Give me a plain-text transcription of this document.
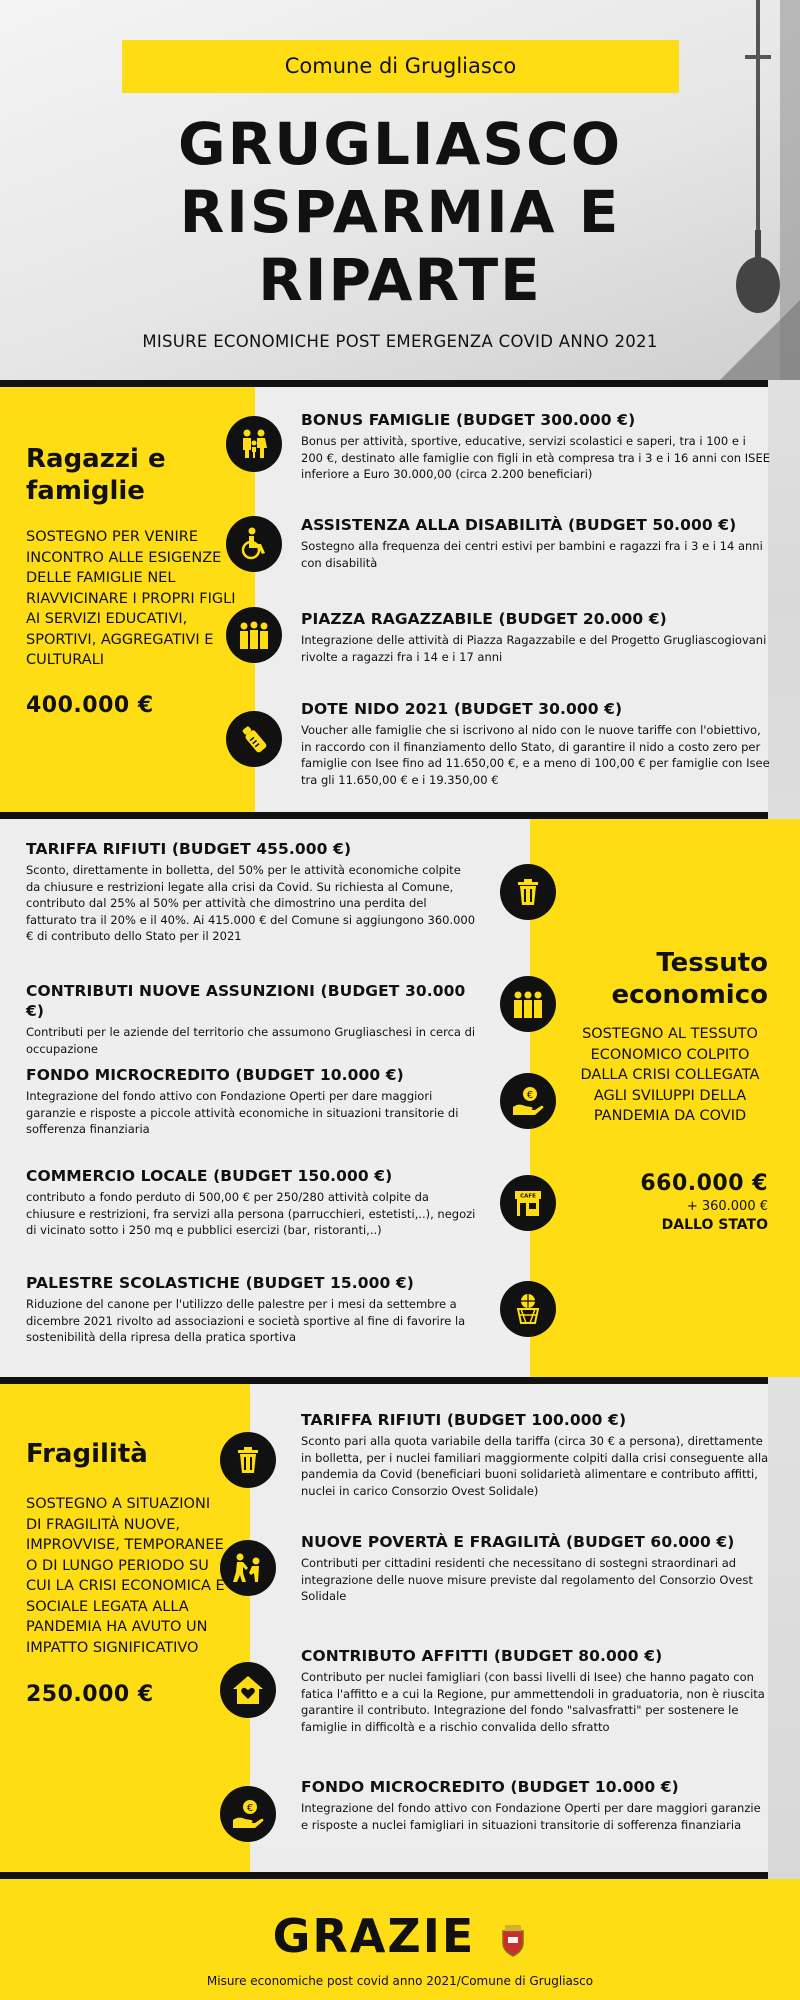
Comune di Grugliasco
GRUGLIASCO
RISPARMIA E
RIPARTE
MISURE ECONOMICHE POST EMERGENZA COVID ANNO 2021
Ragazzi e famiglie
SOSTEGNO PER VENIRE INCONTRO ALLE ESIGENZE DELLE FAMIGLIE NEL RIAVVICINARE I PROPRI FIGLI AI SERVIZI EDUCATIVI, SPORTIVI, AGGREGATIVI E CULTURALI
400.000 €
BONUS FAMIGLIE (BUDGET 300.000 €)
Bonus per attività, sportive, educative, servizi scolastici e saperi, tra i 100 e i 200 €, destinato alle famiglie con figli in età compresa tra i 3 e i 16 anni con ISEE inferiore a Euro 30.000,00 (circa 2.200 beneficiari)
ASSISTENZA ALLA DISABILITÀ (BUDGET 50.000 €)
Sostegno alla frequenza dei centri estivi per bambini e ragazzi fra i 3 e i 14 anni con disabilità
PIAZZA RAGAZZABILE (BUDGET 20.000 €)
Integrazione delle attività di Piazza Ragazzabile e del Progetto Grugliascogiovani rivolte a ragazzi fra i 14 e i 17 anni
DOTE NIDO 2021 (BUDGET 30.000 €)
Voucher alle famiglie che si iscrivono al nido con le nuove tariffe con l'obiettivo, in raccordo con il finanziamento dello Stato, di garantire il nido a costo zero per famiglie con Isee fino ad 11.650,00 €, e a meno di 100,00 € per famiglie con Isee tra gli 11.650,00 € e i 19.350,00 €
Tessuto economico
SOSTEGNO AL TESSUTO ECONOMICO COLPITO DALLA CRISI COLLEGATA AGLI SVILUPPI DELLA PANDEMIA DA COVID
660.000 €
+ 360.000 €
DALLO STATO
TARIFFA RIFIUTI (BUDGET 455.000 €)
Sconto, direttamente in bolletta, del 50% per le attività economiche colpite da chiusure e restrizioni legate alla crisi da Covid. Su richiesta al Comune, contributo dal 25% al 50% per attività che dimostrino una perdita del fatturato tra il 20% e il 40%. Ai 415.000 € del Comune si aggiungono 360.000 € di contributo dello Stato per il 2021
CONTRIBUTI NUOVE ASSUNZIONI (BUDGET 30.000 €)
Contributi per le aziende del territorio che assumono Grugliaschesi in cerca di occupazione
FONDO MICROCREDITO (BUDGET 10.000 €)
Integrazione del fondo attivo con Fondazione Operti per dare maggiori garanzie e risposte a piccole attività economiche in situazioni transitorie di sofferenza finanziaria
€
COMMERCIO LOCALE (BUDGET 150.000 €)
contributo a fondo perduto di 500,00 € per 250/280 attività colpite da chiusure e restrizioni, fra servizi alla persona (parrucchieri, estetisti,..), negozi di vicinato sotto i 250 mq e pubblici esercizi (bar, ristoranti,..)
CAFE
PALESTRE SCOLASTICHE (BUDGET 15.000 €)
Riduzione del canone per l'utilizzo delle palestre per i mesi da settembre a dicembre 2021 rivolto ad associazioni e società sportive al fine di favorire la sostenibilità della ripresa della pratica sportiva
Fragilità
SOSTEGNO A SITUAZIONI DI FRAGILITÀ NUOVE, IMPROVVISE, TEMPORANEE O DI LUNGO PERIODO SU CUI LA CRISI ECONOMICA E SOCIALE LEGATA ALLA PANDEMIA HA AVUTO UN IMPATTO SIGNIFICATIVO
250.000 €
TARIFFA RIFIUTI (BUDGET 100.000 €)
Sconto pari alla quota variabile della tariffa (circa 30 € a persona), direttamente in bolletta, per i nuclei familiari maggiormente colpiti dalla crisi conseguente alla pandemia da Covid (beneficiari buoni solidarietà alimentare e contributo affitti, nuclei in carico Consorzio Ovest Solidale)
NUOVE POVERTÀ E FRAGILITÀ (BUDGET 60.000 €)
Contributi per cittadini residenti che necessitano di sostegni straordinari ad integrazione delle nuove misure previste dal regolamento del Consorzio Ovest Solidale
CONTRIBUTO AFFITTI (BUDGET 80.000 €)
Contributo per nuclei famigliari (con bassi livelli di Isee) che hanno pagato con fatica l'affitto e a cui la Regione, pur ammettendoli in graduatoria, non è riuscita garantire il contributo. Integrazione del fondo "salvasfratti" per sostenere le famiglie in difficoltà e a rischio convalida dello sfratto
€
FONDO MICROCREDITO (BUDGET 10.000 €)
Integrazione del fondo attivo con Fondazione Operti per dare maggiori garanzie e risposte a nuclei famigliari in situazioni transitorie di sofferenza finanziaria
GRAZIE
Misure economiche post covid anno 2021/Comune di Grugliasco
